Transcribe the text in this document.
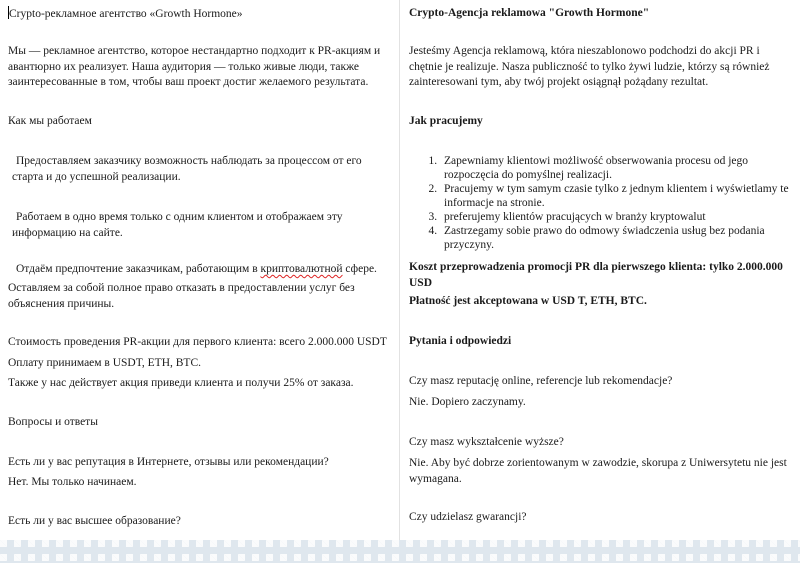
Crypto-рекламное агентство «Growth Hormone»

Мы — рекламное агентство, которое нестандартно подходит к PR-акциям и авантюрно их реализует. Наша аудитория — только живые люди, также заинтересованные в том, чтобы ваш проект достиг желаемого результата.

Как мы работаем

Предоставляем заказчику возможность наблюдать за процессом от его старта и до успешной реализации.

Работаем в одно время только с одним клиентом и отображаем эту информацию на сайте.

Отдаём предпочтение заказчикам, работающим в криптовалютной сфере.

Оставляем за собой полное право отказать в предоставлении услуг без объяснения причины.

Стоимость проведения PR-акции для первого клиента: всего 2.000.000 USDT

Оплату принимаем в USDT, ETH, BTC.

Также у нас действует акция приведи клиента и получи 25% от заказа.

Вопросы и ответы

Есть ли у вас репутация в Интернете, отзывы или рекомендации?

Нет. Мы только начинаем.

Есть ли у вас высшее образование?

Crypto-Agencja reklamowa "Growth Hormone"

Jesteśmy Agencja reklamową, która nieszablonowo podchodzi do akcji PR i chętnie je realizuje. Nasza publiczność to tylko żywi ludzie, którzy są również zainteresowani tym, aby twój projekt osiągnął pożądany rezultat.

Jak pracujemy

1. Zapewniamy klientowi możliwość obserwowania procesu od jego rozpoczęcia do pomyślnej realizacji.
2. Pracujemy w tym samym czasie tylko z jednym klientem i wyświetlamy te informacje na stronie.
3. preferujemy klientów pracujących w branży kryptowalut
4. Zastrzegamy sobie prawo do odmowy świadczenia usług bez podania przyczyny.

Koszt przeprowadzenia promocji PR dla pierwszego klienta: tylko 2.000.000 USD

Płatność jest akceptowana w USD T, ETH, BTC.

Pytania i odpowiedzi

Czy masz reputację online, referencje lub rekomendacje?

Nie. Dopiero zaczynamy.

Czy masz wykształcenie wyższe?

Nie. Aby być dobrze zorientowanym w zawodzie, skorupa z Uniwersytetu nie jest wymagana.

Czy udzielasz gwarancji?
